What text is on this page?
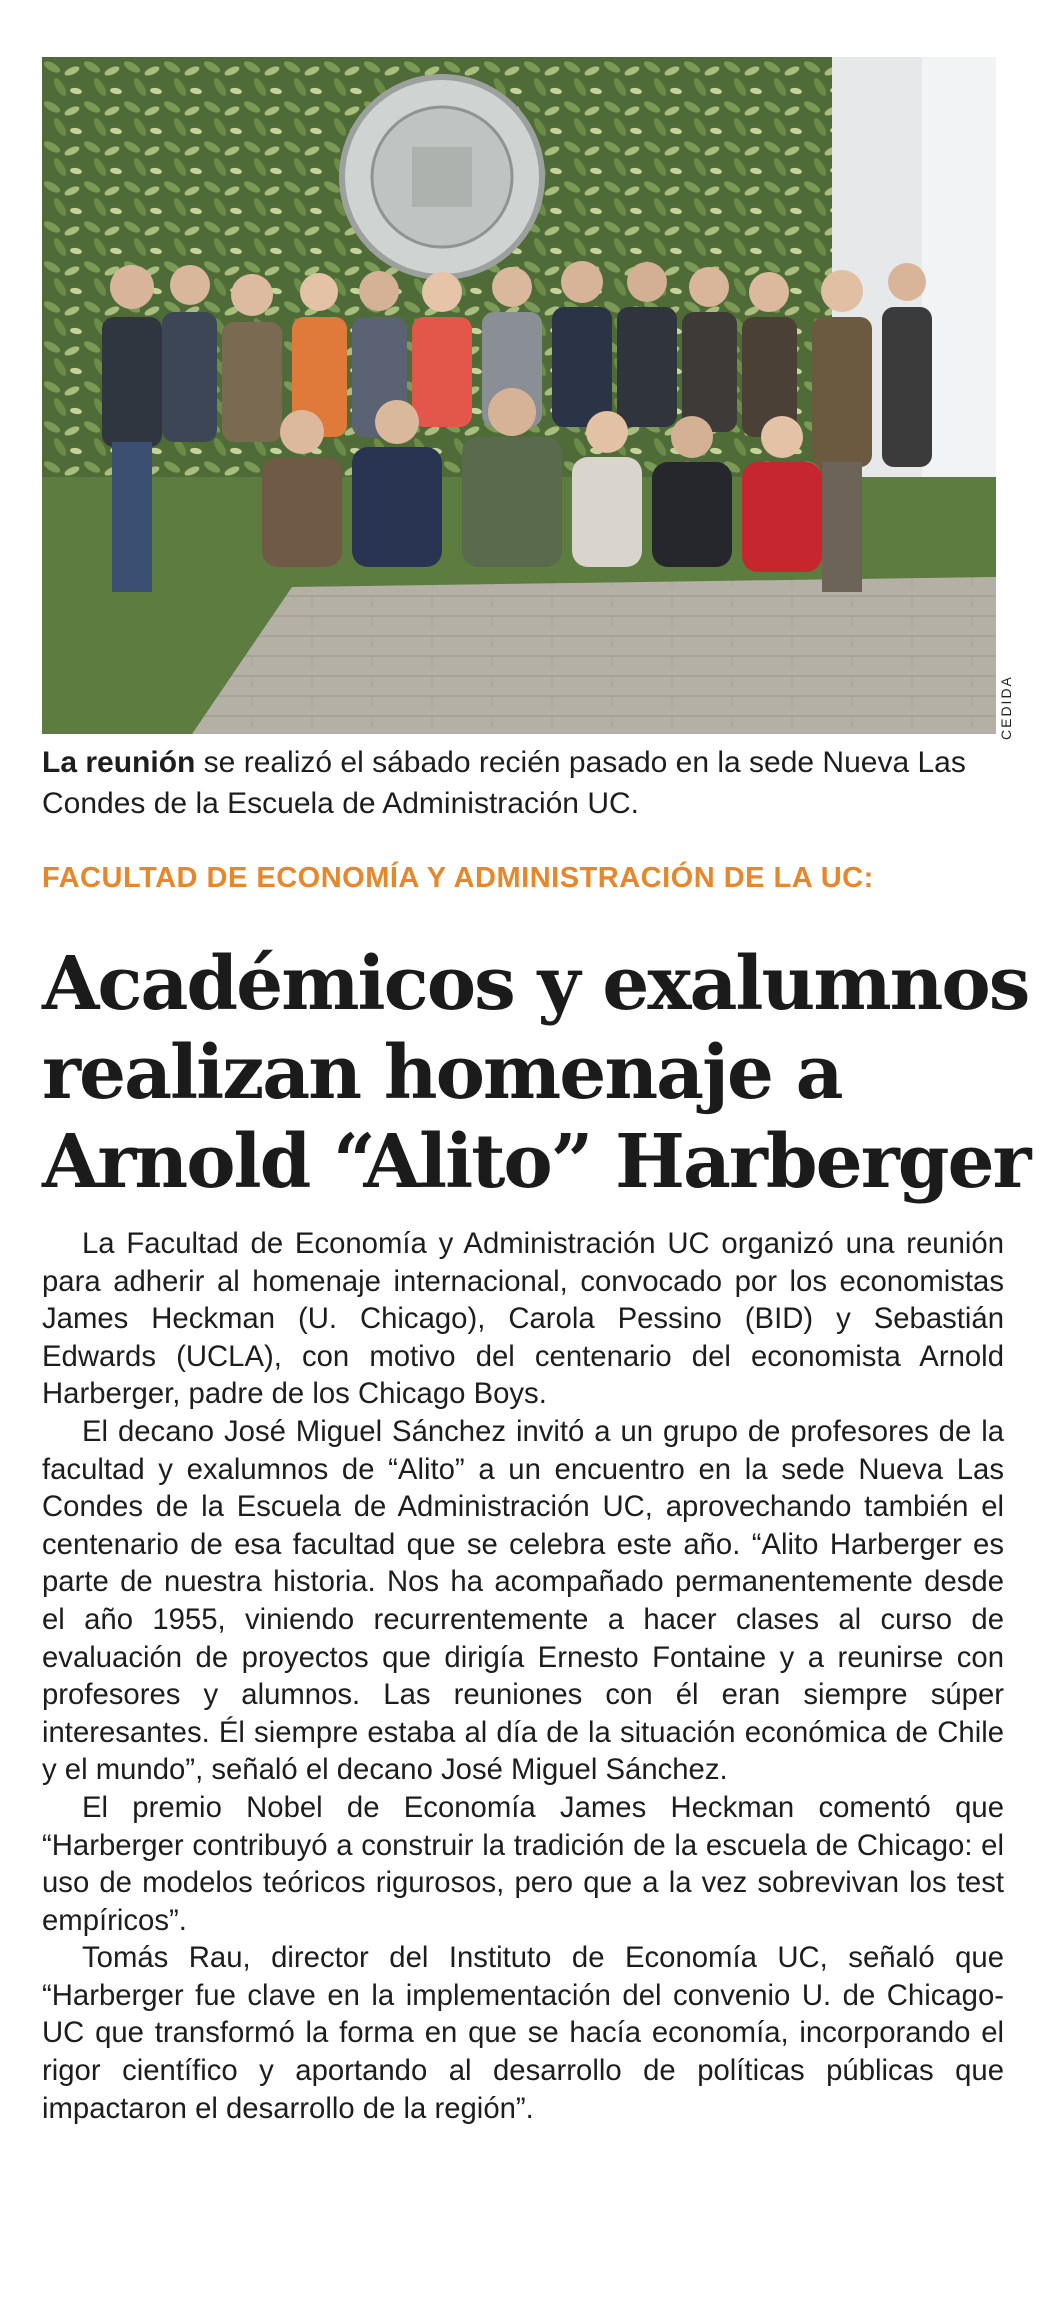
CEDIDA
La reunión se realizó el sábado recién pasado en la sede Nueva Las Condes de la Escuela de Administración UC.
FACULTAD DE ECONOMÍA Y ADMINISTRACIÓN DE LA UC:
Académicos y exalumnos
realizan homenaje a
Arnold “Alito” Harberger

La Facultad de Economía y Administración UC organizó una reunión para adherir al homenaje internacional, convocado por los economistas James Heckman (U. Chicago), Carola Pessino (BID) y Sebastián Edwards (UCLA), con motivo del centenario del economista Arnold Harberger, padre de los Chicago Boys.

El decano José Miguel Sánchez invitó a un grupo de profesores de la facultad y exalumnos de “Alito” a un encuentro en la sede Nueva Las Condes de la Escuela de Administración UC, aprovechando también el centenario de esa facultad que se celebra este año. “Alito Harberger es parte de nuestra historia. Nos ha acompañado permanentemente desde el año 1955, viniendo recurrentemente a hacer clases al curso de evaluación de proyectos que dirigía Ernesto Fontaine y a reunirse con profesores y alumnos. Las reuniones con él eran siempre súper interesantes. Él siempre estaba al día de la situación económica de Chile y el mundo”, señaló el decano José Miguel Sánchez.

El premio Nobel de Economía James Heckman comentó que “Harberger contribuyó a construir la tradición de la escuela de Chicago: el uso de modelos teóricos rigurosos, pero que a la vez sobrevivan los test empíricos”.

Tomás Rau, director del Instituto de Economía UC, señaló que “Harberger fue clave en la implementación del convenio U. de Chicago- UC que transformó la forma en que se hacía economía, incorporando el rigor científico y aportando al desarrollo de políticas públicas que impactaron el desarrollo de la región”.
